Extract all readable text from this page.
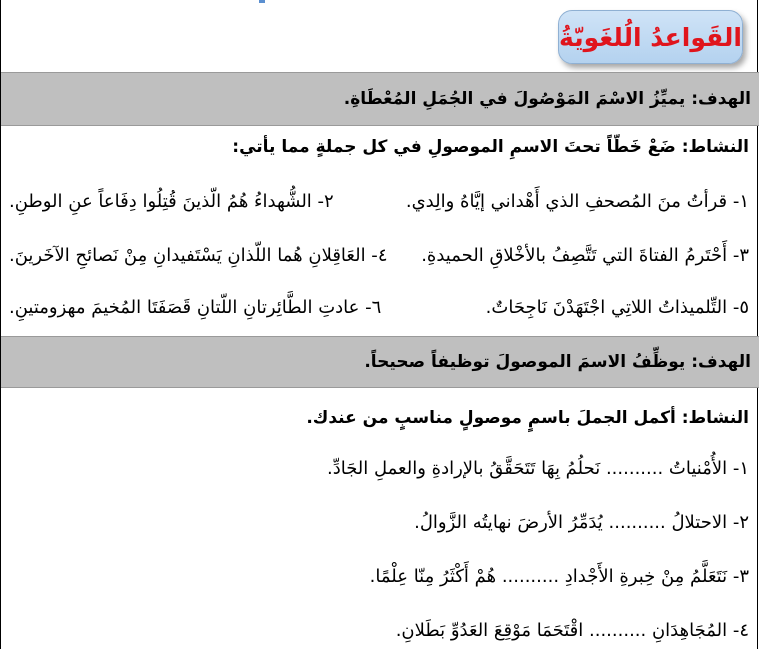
القَواعدُ الُلغَويّةُ
الهدف: يميِّزُ الاسْمَ المَوْصُولَ في الجُمَلِ المُعْطَاةِ.
النشاط: ضَعْ خَطّاً تحتَ الاسمِ الموصولِ في كل جملةٍ مما يأتي:
١- قرأتُ منَ المُصحفِ الذي أَهْداني إيَّاهُ والِدي.
٢- الشُّهداءُ هُمُ الّذينَ قُتِلُوا دِفَاعاً عنِ الوطنِ.
٣- أَحْتَرمُ الفتاةَ التي تَتَّصِفُ بالأخْلاقِ الحميدةِ.
٤- العَاقِلانِ هُما اللّذانِ يَسْتَفيدانِ مِنْ نَصائحِ الآخَرينَ.
٥- التِّلميذاتُ اللاتِي اجْتَهَدْنَ نَاجِحَاتٌ.
٦- عادتِ الطَّائِرتانِ اللّتانِ قَصَفَتَا المُخيمَ مهزومتينِ.
الهدف: يوظِّفُ الاسمَ الموصولَ توظيفاً صحيحاً.
النشاط: أكمل الجملَ باسمٍ موصولٍ مناسبٍ من عندك.
١- الأُمْنياتُ .......... نَحلُمُ بِهَا تَتَحَقَّقُ بالإرادةِ والعملِ الجَادِّ.
٢- الاحتلالُ .......... يُدَمِّرُ الأرضَ نهايتُه الزَّوالُ.
٣- نَتَعَلَّمُ مِنْ خِبرةِ الأَجْدادِ .......... هُمْ أَكْثَرُ مِنّا عِلْمًا.
٤- المُجَاهِدَانِ .......... اقْتَحَمَا مَوْقِعَ العَدُوِّ بَطَلانِ.
